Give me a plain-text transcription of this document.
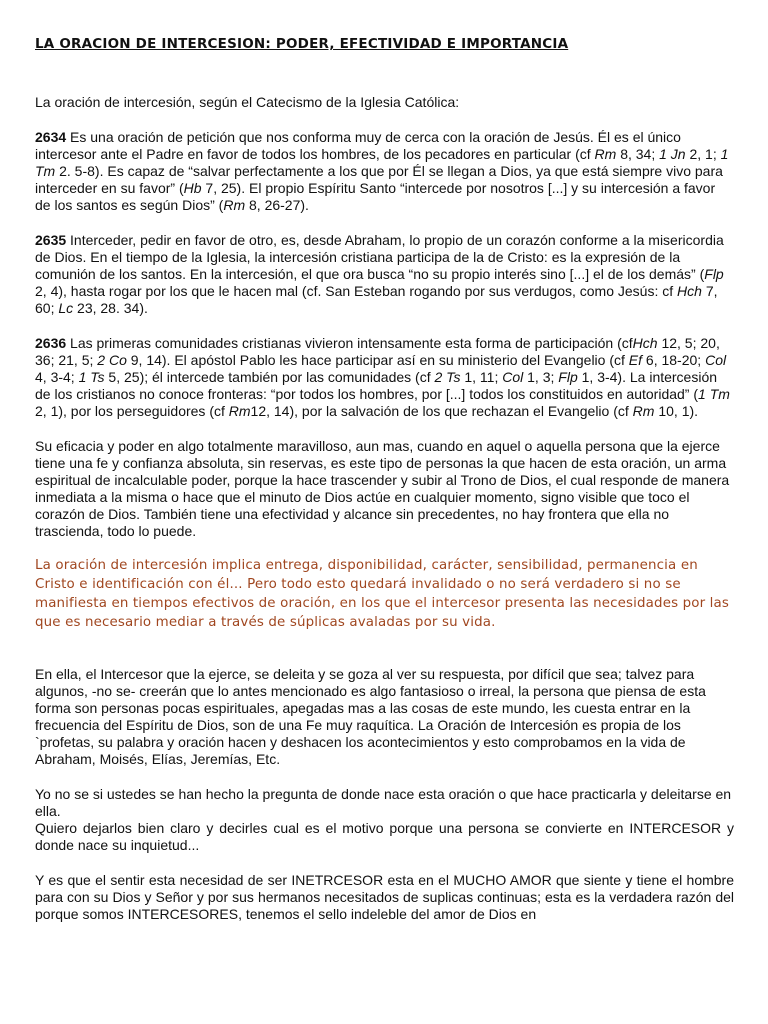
LA ORACION DE INTERCESION: PODER, EFECTIVIDAD E IMPORTANCIA

La oración de intercesión, según el Catecismo de la Iglesia Católica:

2634 Es una oración de petición que nos conforma muy de cerca con la oración de Jesús. Él es el único intercesor ante el Padre en favor de todos los hombres, de los pecadores en particular (cf Rm 8, 34; 1 Jn 2, 1; 1 Tm 2. 5-8). Es capaz de “salvar perfectamente a los que por Él se llegan a Dios, ya que está siempre vivo para interceder en su favor” (Hb 7, 25). El propio Espíritu Santo “intercede por nosotros [...] y su intercesión a favor de los santos es según Dios” (Rm 8, 26-27).

2635 Interceder, pedir en favor de otro, es, desde Abraham, lo propio de un corazón conforme a la misericordia de Dios. En el tiempo de la Iglesia, la intercesión cristiana participa de la de Cristo: es la expresión de la comunión de los santos. En la intercesión, el que ora busca “no su propio interés sino [...] el de los demás” (Flp 2, 4), hasta rogar por los que le hacen mal (cf. San Esteban rogando por sus verdugos, como Jesús: cf Hch 7, 60; Lc 23, 28. 34).

2636 Las primeras comunidades cristianas vivieron intensamente esta forma de participación (cfHch 12, 5; 20, 36; 21, 5; 2 Co 9, 14). El apóstol Pablo les hace participar así en su ministerio del Evangelio (cf Ef 6, 18-20; Col 4, 3-4; 1 Ts 5, 25); él intercede también por las comunidades (cf 2 Ts 1, 11; Col 1, 3; Flp 1, 3-4). La intercesión de los cristianos no conoce fronteras: “por todos los hombres, por [...] todos los constituidos en autoridad” (1 Tm 2, 1), por los perseguidores (cf Rm12, 14), por la salvación de los que rechazan el Evangelio (cf Rm 10, 1).

Su eficacia y poder en algo totalmente maravilloso, aun mas, cuando en aquel o aquella persona que la ejerce tiene una fe y confianza absoluta, sin reservas, es este tipo de personas la que hacen de esta oración, un arma espiritual de incalculable poder, porque la hace trascender y subir al Trono de Dios, el cual responde de manera inmediata a la misma o hace que el minuto de Dios actúe en cualquier momento, signo visible que toco el corazón de Dios. También tiene una efectividad y alcance sin precedentes, no hay frontera que ella no trascienda, todo lo puede.

La oración de intercesión implica entrega, disponibilidad, carácter, sensibilidad, permanencia en Cristo e identificación con él... Pero todo esto quedará invalidado o no será verdadero si no se manifiesta en tiempos efectivos de oración, en los que el intercesor presenta las necesidades por las que es necesario mediar a través de súplicas avaladas por su vida.

En ella, el Intercesor que la ejerce, se deleita y se goza al ver su respuesta, por difícil que sea; talvez para algunos, -no se- creerán que lo antes mencionado es algo fantasioso o irreal, la persona que piensa de esta forma son personas pocas espirituales, apegadas mas a las cosas de este mundo, les cuesta entrar en la frecuencia del Espíritu de Dios, son de una Fe muy raquítica. La Oración de Intercesión es propia de los `profetas, su palabra y oración hacen y deshacen los acontecimientos y esto comprobamos en la vida de Abraham, Moisés, Elías, Jeremías, Etc.

Yo no se si ustedes se han hecho la pregunta de donde nace esta oración o que hace practicarla y deleitarse en ella.

Quiero dejarlos bien claro y decirles cual es el motivo porque una persona se convierte en INTERCESOR y donde nace su inquietud...

Y es que el sentir esta necesidad de ser INETRCESOR esta en el MUCHO AMOR que siente y tiene el hombre para con su Dios y Señor y por sus hermanos necesitados de suplicas continuas; esta es la verdadera razón del porque somos INTERCESORES, tenemos el sello indeleble del amor de Dios en
